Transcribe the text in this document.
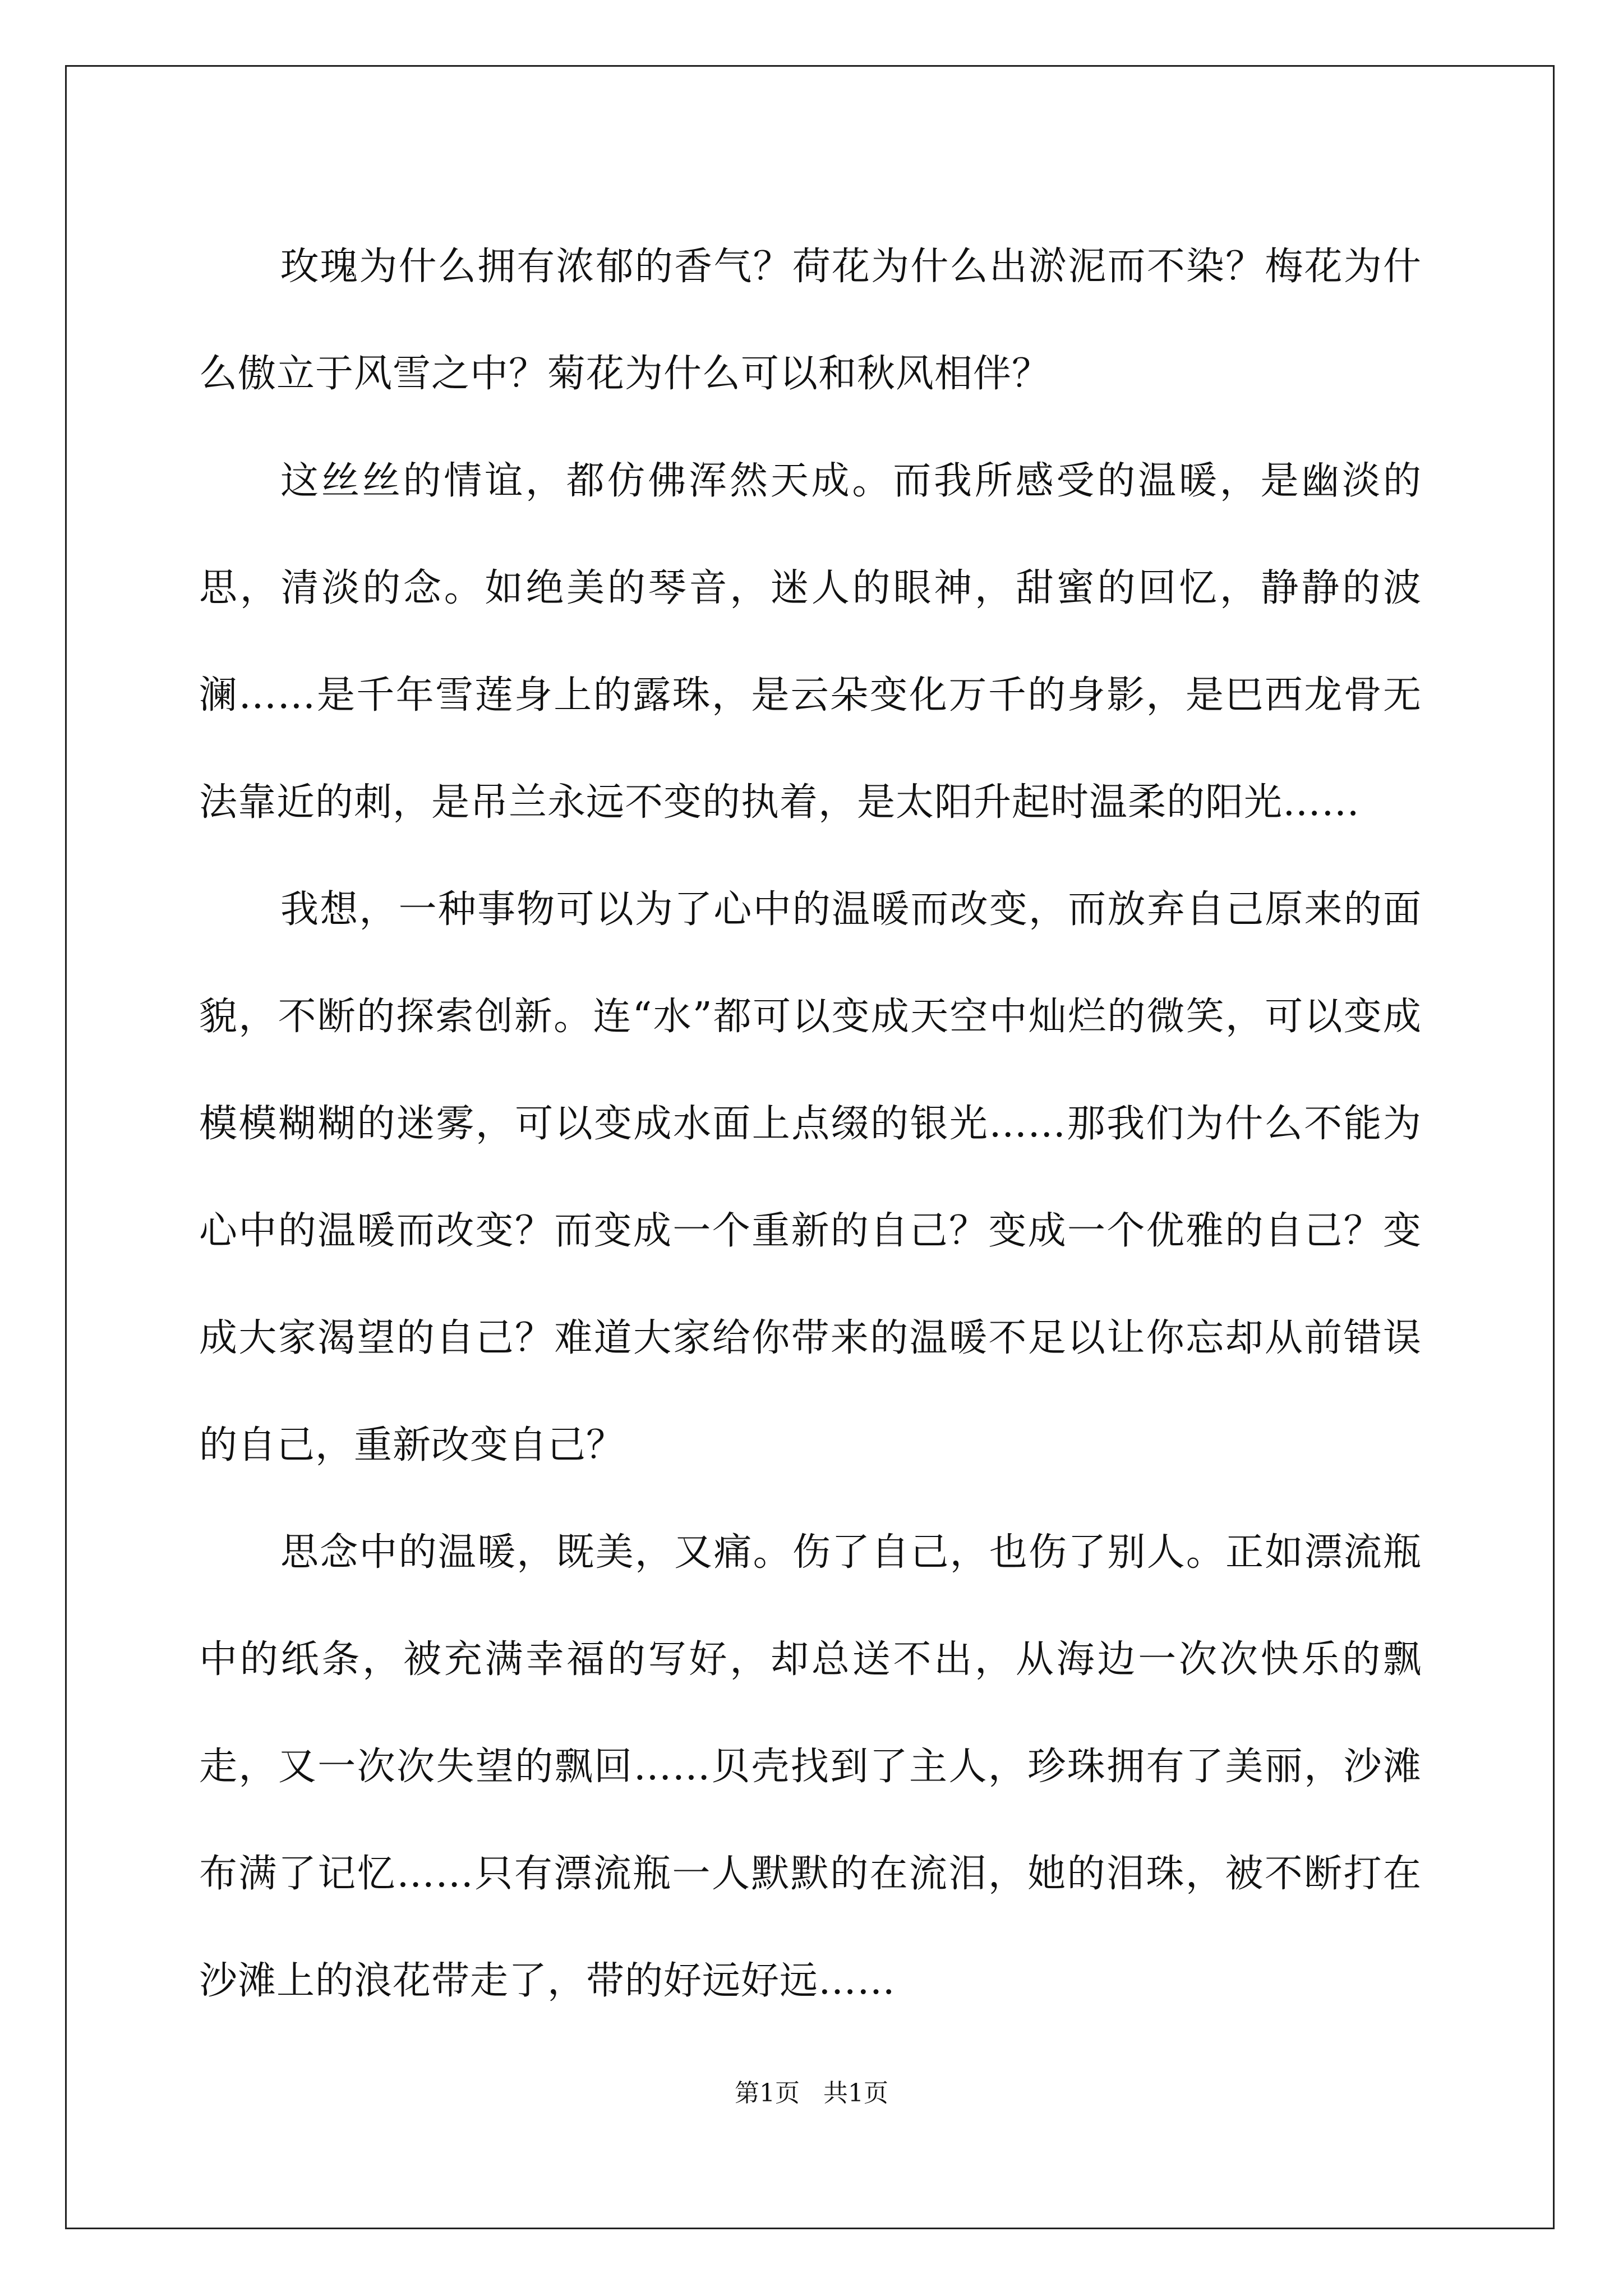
玫瑰为什么拥有浓郁的香气？荷花为什么出淤泥而不染？梅花为什么傲立于风雪之中？菊花为什么可以和秋风相伴？

这丝丝的情谊，都仿佛浑然天成。而我所感受的温暖，是幽淡的思，清淡的念。如绝美的琴音，迷人的眼神，甜蜜的回忆，静静的波澜……是千年雪莲身上的露珠，是云朵变化万千的身影，是巴西龙骨无法靠近的刺，是吊兰永远不变的执着，是太阳升起时温柔的阳光……

我想，一种事物可以为了心中的温暖而改变，而放弃自己原来的面貌，不断的探索创新。连“水”都可以变成天空中灿烂的微笑，可以变成模模糊糊的迷雾，可以变成水面上点缀的银光……那我们为什么不能为心中的温暖而改变？而变成一个重新的自己？变成一个优雅的自己？变成大家渴望的自己？难道大家给你带来的温暖不足以让你忘却从前错误的自己，重新改变自己？

思念中的温暖，既美，又痛。伤了自己，也伤了别人。正如漂流瓶中的纸条，被充满幸福的写好，却总送不出，从海边一次次快乐的飘走，又一次次失望的飘回……贝壳找到了主人，珍珠拥有了美丽，沙滩布满了记忆……只有漂流瓶一人默默的在流泪，她的泪珠，被不断打在沙滩上的浪花带走了，带的好远好远……

第1页   共1页
